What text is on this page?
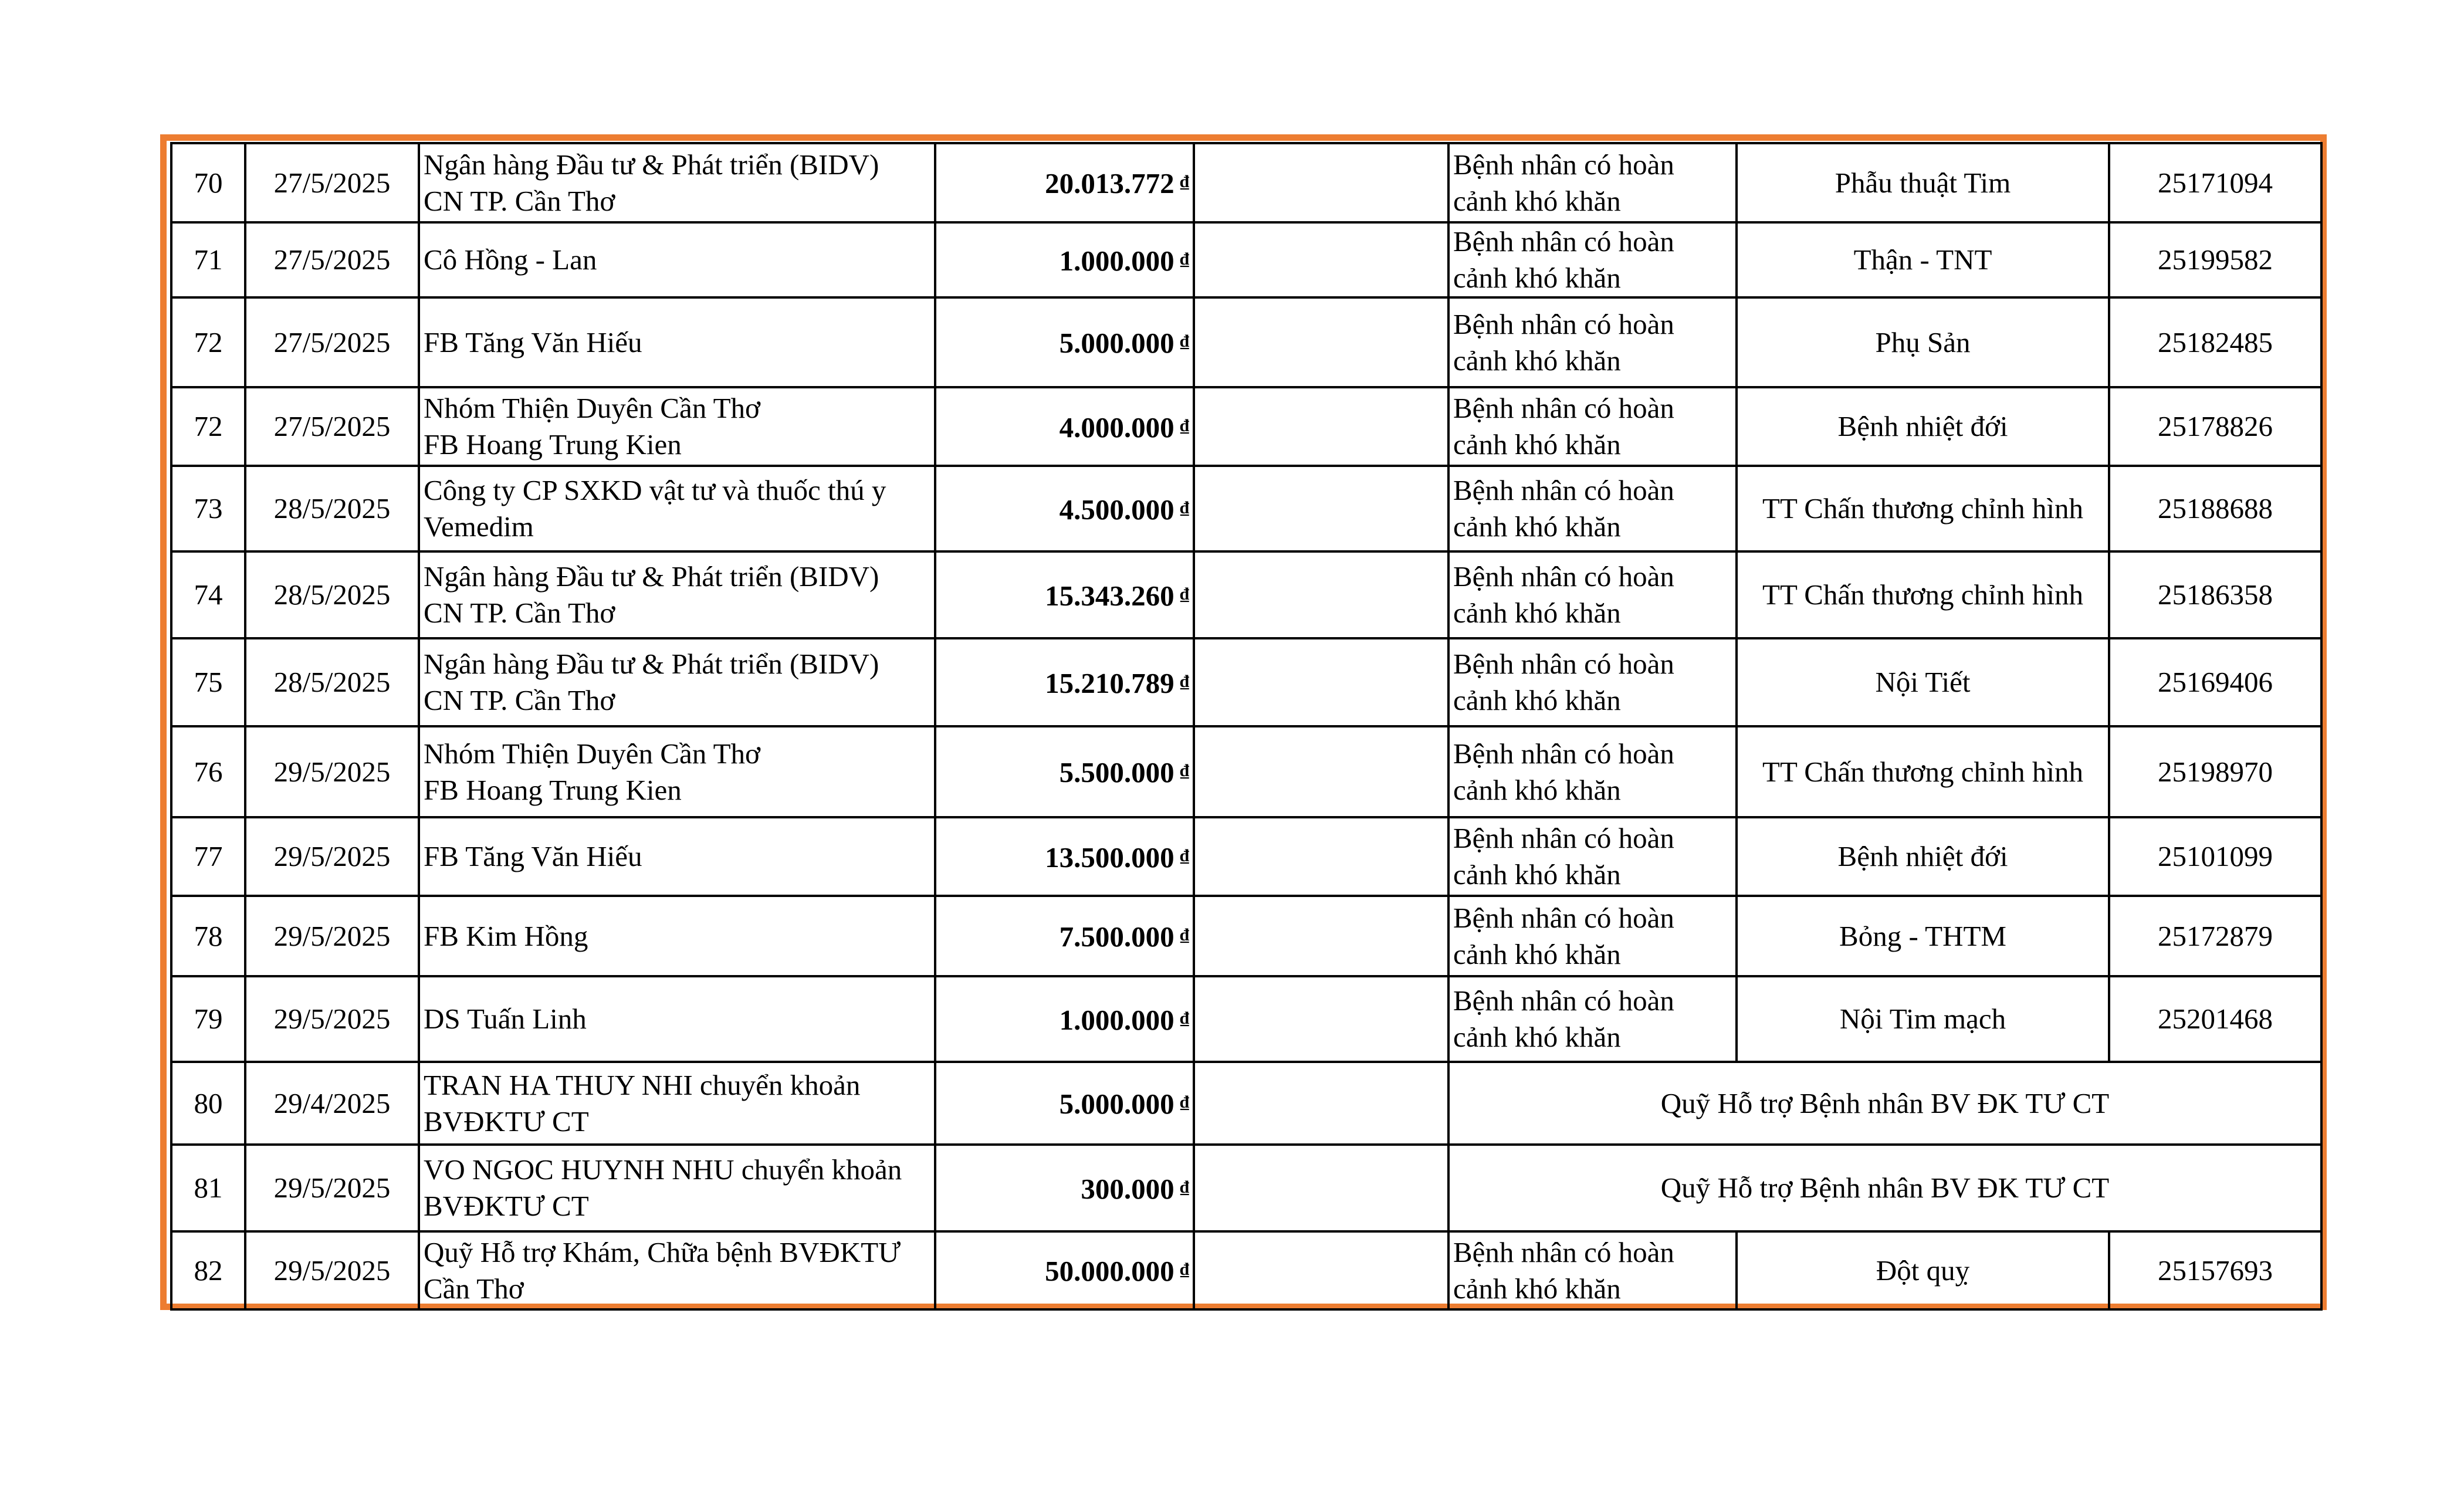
70	27/5/2025	Ngân hàng Đầu tư & Phát triển (BIDV)
CN TP. Cần Thơ	20.013.772 ₫		Bệnh nhân có hoàn
cảnh khó khăn	Phẫu thuật Tim	25171094
71	27/5/2025	Cô Hồng - Lan	1.000.000 ₫		Bệnh nhân có hoàn
cảnh khó khăn	Thận - TNT	25199582
72	27/5/2025	FB Tăng Văn Hiếu	5.000.000 ₫		Bệnh nhân có hoàn
cảnh khó khăn	Phụ Sản	25182485
72	27/5/2025	Nhóm Thiện Duyên Cần Thơ
FB Hoang Trung Kien	4.000.000 ₫		Bệnh nhân có hoàn
cảnh khó khăn	Bệnh nhiệt đới	25178826
73	28/5/2025	Công ty CP SXKD vật tư và thuốc thú y
Vemedim	4.500.000 ₫		Bệnh nhân có hoàn
cảnh khó khăn	TT Chấn thương chỉnh hình	25188688
74	28/5/2025	Ngân hàng Đầu tư & Phát triển (BIDV)
CN TP. Cần Thơ	15.343.260 ₫		Bệnh nhân có hoàn
cảnh khó khăn	TT Chấn thương chỉnh hình	25186358
75	28/5/2025	Ngân hàng Đầu tư & Phát triển (BIDV)
CN TP. Cần Thơ	15.210.789 ₫		Bệnh nhân có hoàn
cảnh khó khăn	Nội Tiết	25169406
76	29/5/2025	Nhóm Thiện Duyên Cần Thơ
FB Hoang Trung Kien	5.500.000 ₫		Bệnh nhân có hoàn
cảnh khó khăn	TT Chấn thương chỉnh hình	25198970
77	29/5/2025	FB Tăng Văn Hiếu	13.500.000 ₫		Bệnh nhân có hoàn
cảnh khó khăn	Bệnh nhiệt đới	25101099
78	29/5/2025	FB Kim Hồng	7.500.000 ₫		Bệnh nhân có hoàn
cảnh khó khăn	Bỏng - THTM	25172879
79	29/5/2025	DS Tuấn Linh	1.000.000 ₫		Bệnh nhân có hoàn
cảnh khó khăn	Nội Tim mạch	25201468
80	29/4/2025	TRAN HA THUY NHI chuyển khoản
BVĐKTƯ CT	5.000.000 ₫		Quỹ Hỗ trợ Bệnh nhân BV ĐK TƯ CT		
81	29/5/2025	VO NGOC HUYNH NHU chuyển khoản
BVĐKTƯ CT	300.000 ₫		Quỹ Hỗ trợ Bệnh nhân BV ĐK TƯ CT		
82	29/5/2025	Quỹ Hỗ trợ Khám, Chữa bệnh BVĐKTƯ
Cần Thơ	50.000.000 ₫		Bệnh nhân có hoàn
cảnh khó khăn	Đột quỵ	25157693
